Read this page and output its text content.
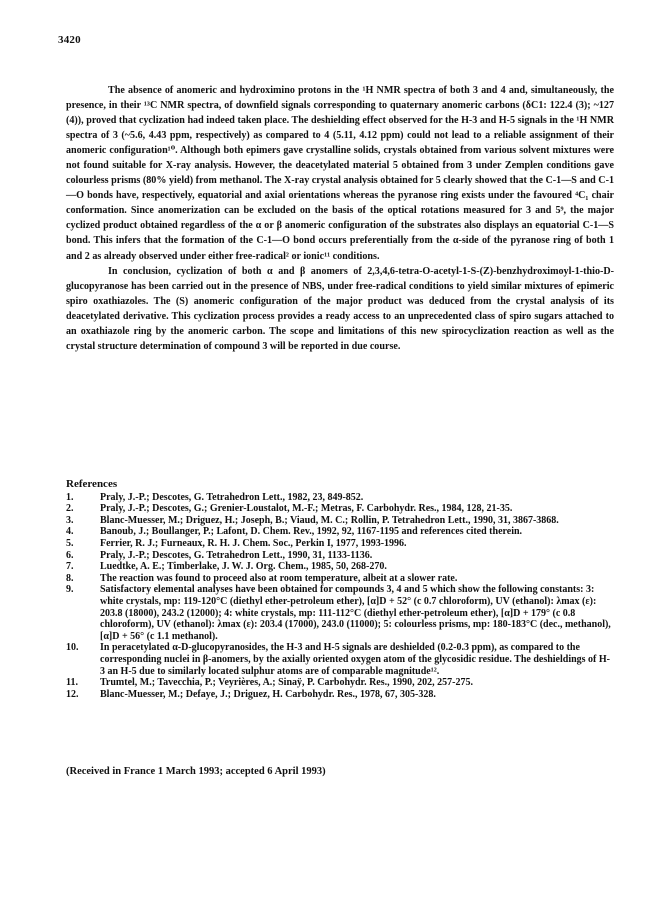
3420

The absence of anomeric and hydroximino protons in the ¹H NMR spectra of both 3 and 4 and, simultaneously, the presence, in their ¹³C NMR spectra, of downfield signals corresponding to quaternary anomeric carbons (δC1: 122.4 (3); ~127 (4)), proved that cyclization had indeed taken place. The deshielding effect observed for the H-3 and H-5 signals in the ¹H NMR spectra of 3 (~5.6, 4.43 ppm, respectively) as compared to 4 (5.11, 4.12 ppm) could not lead to a reliable assignment of their anomeric configuration¹⁰. Although both epimers gave crystalline solids, crystals obtained from various solvent mixtures were not found suitable for X-ray analysis. However, the deacetylated material 5 obtained from 3 under Zemplen conditions gave colourless prisms (80% yield) from methanol. The X-ray crystal analysis obtained for 5 clearly showed that the C-1—S and C-1—O bonds have, respectively, equatorial and axial orientations whereas the pyranose ring exists under the favoured ⁴C₁ chair conformation. Since anomerization can be excluded on the basis of the optical rotations measured for 3 and 5⁹, the major cyclized product obtained regardless of the α or β anomeric configuration of the substrates also displays an equatorial C-1—S bond. This infers that the formation of the C-1—O bond occurs preferentially from the α-side of the pyranose ring of both 1 and 2 as already observed under either free-radical² or ionic¹¹ conditions.

In conclusion, cyclization of both α and β anomers of 2,3,4,6-tetra-O-acetyl-1-S-(Z)-benzhydroximoyl-1-thio-D-glucopyranose has been carried out in the presence of NBS, under free-radical conditions to yield similar mixtures of epimeric spiro oxathiazoles. The (S) anomeric configuration of the major product was deduced from the crystal analysis of its deacetylated derivative. This cyclization process provides a ready access to an unprecedented class of spiro sugars attached to an oxathiazole ring by the anomeric carbon. The scope and limitations of this new spirocyclization reaction as well as the crystal structure determination of compound 3 will be reported in due course.

References
1.	Praly, J.-P.; Descotes, G. Tetrahedron Lett., 1982, 23, 849-852.
2.	Praly, J.-P.; Descotes, G.; Grenier-Loustalot, M.-F.; Metras, F. Carbohydr. Res., 1984, 128, 21-35.
3.	Blanc-Muesser, M.; Driguez, H.; Joseph, B.; Viaud, M. C.; Rollin, P. Tetrahedron Lett., 1990, 31, 3867-3868.
4.	Banoub, J.; Boullanger, P.; Lafont, D. Chem. Rev., 1992, 92, 1167-1195 and references cited therein.
5.	Ferrier, R. J.; Furneaux, R. H. J. Chem. Soc., Perkin I, 1977, 1993-1996.
6.	Praly, J.-P.; Descotes, G. Tetrahedron Lett., 1990, 31, 1133-1136.
7.	Luedtke, A. E.; Timberlake, J. W. J. Org. Chem., 1985, 50, 268-270.
8.	The reaction was found to proceed also at room temperature, albeit at a slower rate.
9.	Satisfactory elemental analyses have been obtained for compounds 3, 4 and 5 which show the following constants: 3: white crystals, mp: 119-120°C (diethyl ether-petroleum ether), [α]D + 52° (c 0.7 chloroform), UV (ethanol): λmax (ε): 203.8 (18000), 243.2 (12000); 4: white crystals, mp: 111-112°C (diethyl ether-petroleum ether), [α]D + 179° (c 0.8 chloroform), UV (ethanol): λmax (ε): 203.4 (17000), 243.0 (11000); 5: colourless prisms, mp: 180-183°C (dec., methanol), [α]D + 56° (c 1.1 methanol).
10.	In peracetylated α-D-glucopyranosides, the H-3 and H-5 signals are deshielded (0.2-0.3 ppm), as compared to the corresponding nuclei in β-anomers, by the axially oriented oxygen atom of the glycosidic residue. The deshieldings of H-3 an H-5 due to similarly located sulphur atoms are of comparable magnitude¹².
11.	Trumtel, M.; Tavecchia, P.; Veyrières, A.; Sinaÿ, P. Carbohydr. Res., 1990, 202, 257-275.
12.	Blanc-Muesser, M.; Defaye, J.; Driguez, H. Carbohydr. Res., 1978, 67, 305-328.
(Received in France 1 March 1993; accepted 6 April 1993)
